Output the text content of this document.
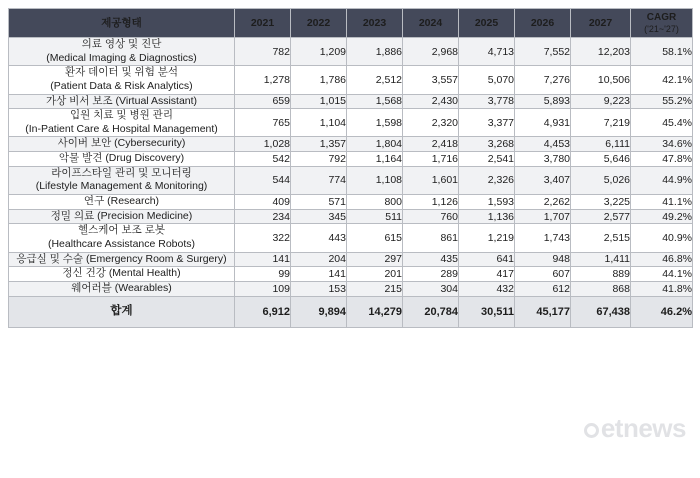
제공형태	2021	2022	2023	2024	2025	2026	2027	CAGR
('21~'27)

의료 영상 및 진단
(Medical Imaging & Diagnostics)	782	1,209	1,886	2,968	4,713	7,552	12,203	58.1%

환자 데이터 및 위험 분석
(Patient Data & Risk Analytics)	1,278	1,786	2,512	3,557	5,070	7,276	10,506	42.1%

가상 비서 보조 (Virtual Assistant)	659	1,015	1,568	2,430	3,778	5,893	9,223	55.2%

입원 치료 및 병원 관리
(In-Patient Care & Hospital Management)	765	1,104	1,598	2,320	3,377	4,931	7,219	45.4%

사이버 보안 (Cybersecurity)	1,028	1,357	1,804	2,418	3,268	4,453	6,111	34.6%

악물 발견 (Drug Discovery)	542	792	1,164	1,716	2,541	3,780	5,646	47.8%

라이프스타일 관리 및 모니터링
(Lifestyle Management & Monitoring)	544	774	1,108	1,601	2,326	3,407	5,026	44.9%

연구 (Research)	409	571	800	1,126	1,593	2,262	3,225	41.1%

정밀 의료 (Precision Medicine)	234	345	511	760	1,136	1,707	2,577	49.2%

헬스케어 보조 로봇
(Healthcare Assistance Robots)	322	443	615	861	1,219	1,743	2,515	40.9%

응급실 및 수술 (Emergency Room & Surgery)	141	204	297	435	641	948	1,411	46.8%

정신 건강 (Mental Health)	99	141	201	289	417	607	889	44.1%

웨어러블 (Wearables)	109	153	215	304	432	612	868	41.8%
합계	6,912	9,894	14,279	20,784	30,511	45,177	67,438	46.2%
etnews
